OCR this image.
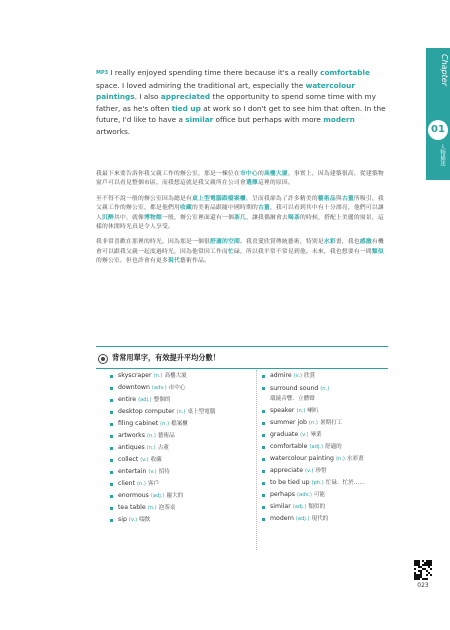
MP3 I really enjoyed spending time there because it's a really comfortable space. I loved admiring the traditional art, especially the watercolour paintings. I also appreciated the opportunity to spend some time with my father, as he's often tied up at work so I don't get to see him that often. In the future, I'd like to have a similar office but perhaps with more modern artworks.

我最下來要告訴你我父親工作的辦公室，那是一棟位在市中心的高樓大廈，事實上，因為建築很高，從建築物窗戶可以看見整個市區，而我想這就是我父親所在公司會選擇這裡的原因。

至不得不說一般的辦公室因為總是有桌上型電腦跟檔案櫃，呈而我卻為了許多精美的藝術品與古董所吸引，我父親工作的辦公室，都是他們用收藏的美術品跟隨中國時期的古董，我可以看到其中有十分漂亮，他們可以讓人沉醉其中，就像博物館一般，辦公室裡面還有一個茶几，讓我偶爾會去喝茶的時候，搭配上美麗的窗景，這樣的休閒時光真是令人享受。

我非常喜歡在那裡的時光，因為那是一個很舒適的空間。我喜愛欣賞傳統藝術，特別是水彩畫，我也感激有機會可以跟我父親一起度過時光，因為他常因工作而忙碌，所以我平常不常見到他。未來，我也想要有一間類似的辦公室，但也許會有更多現代藝術作品。

Chapter
01
人物描述
背常用單字，有效提升平均分數！
skyscraper (n.) 高樓大廈
downtown (adv.) 市中心
entire (adj.) 整個的
desktop computer (n.) 桌上型電腦
filing cabinet (n.) 檔案櫃
artworks (n.) 藝術品
antiques (n.) 古董
collect (v.) 收藏
entertain (v.) 招待
client (n.) 客戶
enormous (adj.) 龐大的
tea table (n.) 泡茶桌
sip (v.) 啜飲
admire (v.) 欣賞
surround sound (n.)
環繞音響．立體聲
speaker (n.) 喇叭
summer job (n.) 暑期打工
graduate (v.) 畢業
comfortable (adj.) 舒適的
watercolour painting (n.) 水彩畫
appreciate (v.) 珍惜
to be tied up (ph.) 忙碌．忙於……
perhaps (adv.) 可能
similar (adj.) 類似的
modern (adj.) 現代的
023
